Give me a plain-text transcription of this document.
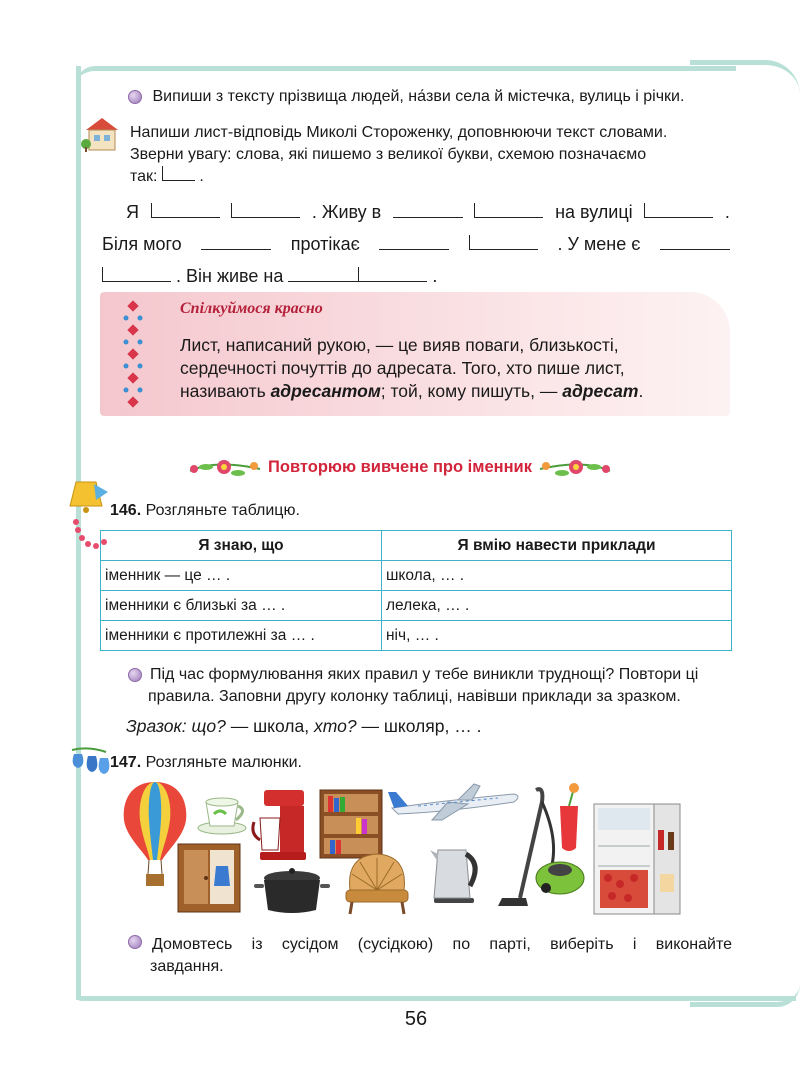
Випиши з тексту прізвища людей, на́зви села й містечка, вулиць і річки.
Напиши лист-відповідь Миколі Стороженку, доповнюючи текст словами.
Зверни увагу: слова, які пишемо з великої букви, схемою позначаємо
так:	.
Я	. Живу в	на вулиці	.
Біля мого	протікає	. У мене є
. Він живе на	.
Спілкуймося красно
Лист, написаний рукою, — це вияв поваги, близькості,
сердечності почуттів до адресата. Того, хто пише лист,
називають адресантом; той, кому пишуть, — адресат.
Повторюю вивчене про іменник
146. Розгляньте таблицю.
Я знаю, що	Я вмію навести приклади
іменник — це … .	школа, … .
іменники є близькі за … .	лелека, … .
іменники є протилежні за … .	ніч, … .
Під час формулювання яких правил у тебе виникли труднощі? Повтори ці
правила. Заповни другу колонку таблиці, навівши приклади за зразком.
Зразок: що? — школа, хто? — школяр, … .
147. Розгляньте малюнки.
Домовтесь із сусідом (сусідкою) по парті, виберіть і виконайте
завдання.
56
